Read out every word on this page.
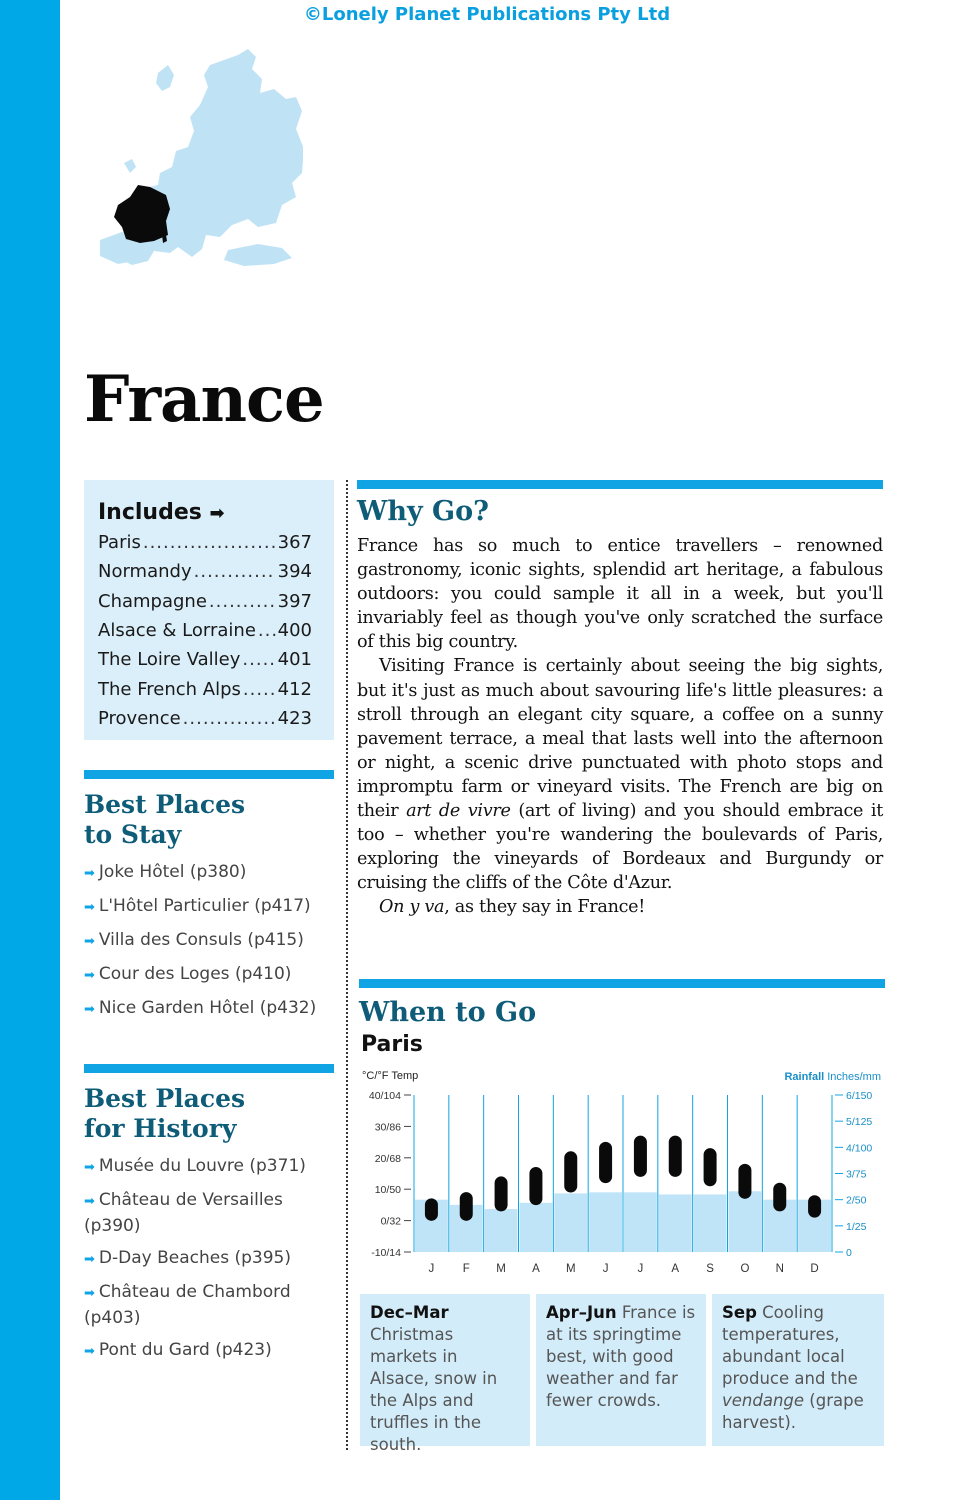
©Lonely Planet Publications Pty Ltd
France
Includes ➡
Paris .....	367
Normandy .....	394
Champagne .....	397
Alsace & Lorraine ..... 400
The Loire Valley ..... 401
The French Alps ..... 412
Provence .....	423
Best Places
to Stay
➡ Joke Hôtel (p380)
➡ L'Hôtel Particulier (p417)
➡ Villa des Consuls (p415)
➡ Cour des Loges (p410)
➡ Nice Garden Hôtel (p432)
Best Places
for History
➡ Musée du Louvre (p371)
➡ Château de Versailles (p390)
➡ D-Day Beaches (p395)
➡ Château de Chambord (p403)
➡ Pont du Gard (p423)
Why Go?

France has so much to entice travellers – renowned gastronomy, iconic sights, splendid art heritage, a fabulous outdoors: you could sample it all in a week, but you'll invariably feel as though you've only scratched the surface of this big country.

Visiting France is certainly about seeing the big sights, but it's just as much about savouring life's little pleasures: a stroll through an elegant city square, a coffee on a sunny pavement terrace, a meal that lasts well into the afternoon or night, a scenic drive punctuated with photo stops and impromptu farm or vineyard visits. The French are big on their art de vivre (art of living) and you should embrace it too – whether you're wandering the boulevards of Paris, exploring the vineyards of Bordeaux and Burgundy or cruising the cliffs of the Côte d'Azur.

On y va, as they say in France!

When to Go
Paris
°C/°F Temp	Rainfall Inches/mm
40/104
30/86
20/68
10/50
0/32
-10/14
6/150
5/125
4/100
3/75
2/50
1/25
0
J F M A M J	J A S O N D
Dec–Mar Christmas markets in Alsace, snow in the Alps and truffles in the south.
Apr–Jun France is at its springtime best, with good weather and far fewer crowds.
Sep Cooling temperatures, abundant local produce and the vendange (grape harvest).
